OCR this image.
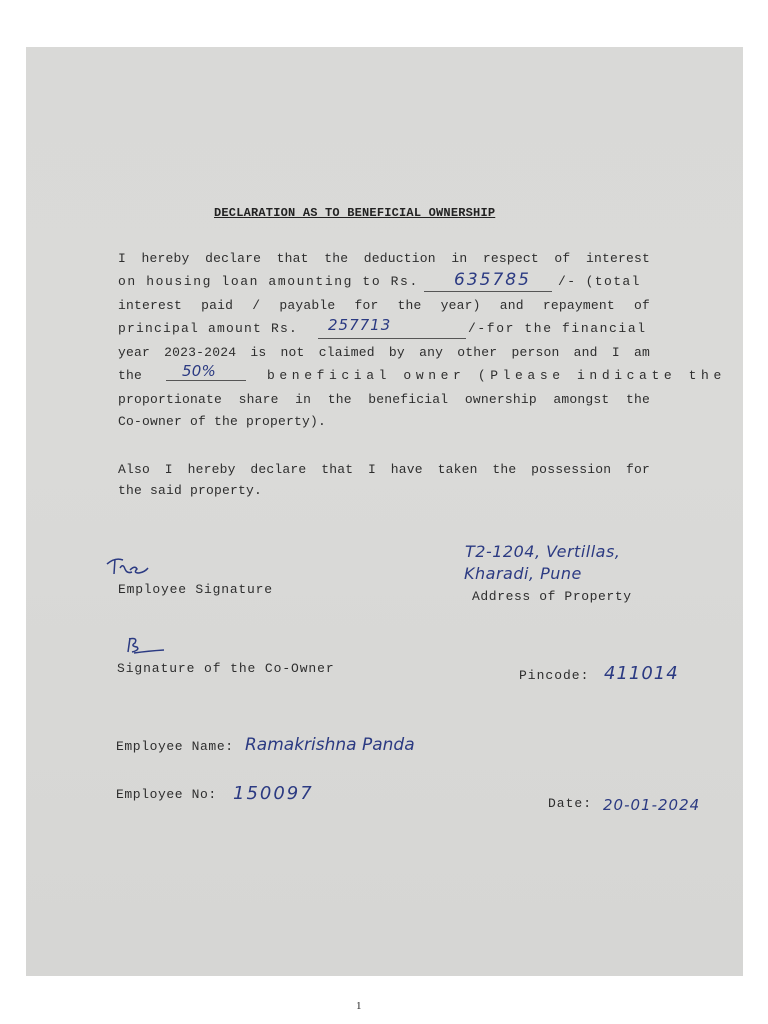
DECLARATION AS TO BENEFICIAL OWNERSHIP
I hereby declare that the deduction in respect of interest
on housing loan amounting to Rs. 635785 /- (total
interest paid / payable for the year) and repayment of
principal amount Rs. 257713	/-for the financial
year 2023-2024 is not claimed by any other person and I am
the	50%	beneficial owner (Please indicate the
proportionate share in the beneficial ownership amongst the
Co-owner of the property).
Also I hereby declare that I have taken the possession for
the said property.
Employee Signature
T2-1204, Vertillas,
Kharadi, Pune
Address of Property
Signature of the Co-Owner	Pincode: 411014
Employee Name: Ramakrishna Panda
Employee No: 150097	Date: 20-01-2024
1
